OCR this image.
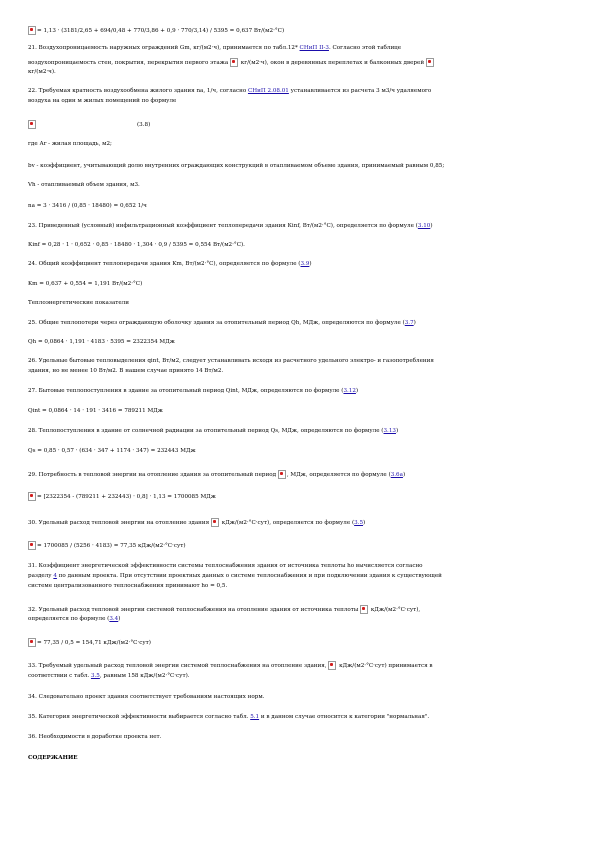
= 1,13 · (3181/2,65 + 694/0,48 + 770/3,86 + 0,9 · 770/3,14) / 5395 = 0,637 Вт/(м2·°С)
21. Воздухопроницаемость наружных ограждений Gm, кг/(м2·ч), принимается по табл.12* СНиП II-3. Согласно этой таблице
воздухопроницаемость стен, покрытия, перекрытия первого этажа  кг/(м2·ч), окон в деревянных переплетах и балконных дверей
кг/(м2·ч).
22. Требуемая кратность воздухообмена жилого здания nа, 1/ч, согласно СНиП 2.08.01 устанавливается из расчета 3 м3/ч удаляемого
воздуха на один м жилых помещений по формуле
(3.8)
где Аr - жилая площадь, м2;
bv - коэффициент, учитывающий долю внутренних ограждающих конструкций в отапливаемом объеме здания, принимаемый равным 0,85;
Vh - отапливаемый объем здания, м3.
nа = 3 · 3416 / (0,85 · 18480) = 0,652 1/ч
23. Приведенный (условный) инфильтрационный коэффициент теплопередачи здания Кinf, Вт/(м2·°С), определяется по формуле (3.10)
Кinf = 0,28 · 1 · 0,652 · 0,85 · 18480 · 1,304 · 0,9 / 5395 = 0,554 Вт/(м2·°С).
24. Общий коэффициент теплопередачи здания Km, Вт/(м2·°С), определяется по формуле (3.9)
Km = 0,637 + 0,554 = 1,191 Вт/(м2·°С)
Теплоэнергетические показатели
25. Общие теплопотери через ограждающую оболочку здания за отопительный период Qh, МДж, определяются по формуле (3.7)
Qh = 0,0864 · 1,191 · 4183 · 5395 = 2322354 МДж
26. Удельные бытовые тепловыделения qint, Вт/м2, следует устанавливать исходя из расчетного удельного электро- и газопотребления
здания, но не менее 10 Вт/м2. В нашем случае принято 14 Вт/м2.
27. Бытовые теплопоступления в здание за отопительный период Qint, МДж, определяются по формуле (3.12)
Qint = 0,0864 · 14 · 191 · 3416 = 789211 МДж
28. Теплопоступления в здание от солнечной радиации за отопительный период Qs, МДж, определяются по формуле (3.13)
Qs = 0,85 · 0,57 · (634 · 347 + 1174 · 347) = 232443 МДж
29. Потребность в тепловой энергии на отопление здания за отопительный период , МДж, определяется по формуле (3.6а)
= [2322354 - (789211 + 232443) · 0,8] · 1,13 = 1700085 МДж
30. Удельный расход тепловой энергии на отопление здания  кДж/(м2·°С·сут), определяется по формуле (3.5)
= 1700085 / (5256 · 4183) = 77,35 кДж/(м2·°С·сут)
31. Коэффициент энергетической эффективности системы теплоснабжения здания от источника теплоты hо вычисляется согласно
разделу 4 по данным проекта. При отсутствии проектных данных о системе теплоснабжения и при подключении здания к существующей
системе централизованного теплоснабжения принимают hо = 0,5.
32. Удельный расход тепловой энергии системой теплоснабжения на отопление здания от источника теплоты  кДж/(м2·°С·сут),
определяется по формуле (3.4)
= 77,35 / 0,5 = 154,71 кДж/(м2·°С·сут)
33. Требуемый удельный расход тепловой энергии системой теплоснабжения на отопление здания,  кДж/(м2·°С·сут) принимается в
соответствии с табл. 3.5, равным 158 кДж/(м2·°С·сут).
34. Следовательно проект здания соответствует требованиям настоящих норм.
35. Категория энергетической эффективности выбирается согласно табл. 5.1 и в данном случае относится к категории "нормальная".
36. Необходимости в доработке проекта нет.
СОДЕРЖАНИЕ
